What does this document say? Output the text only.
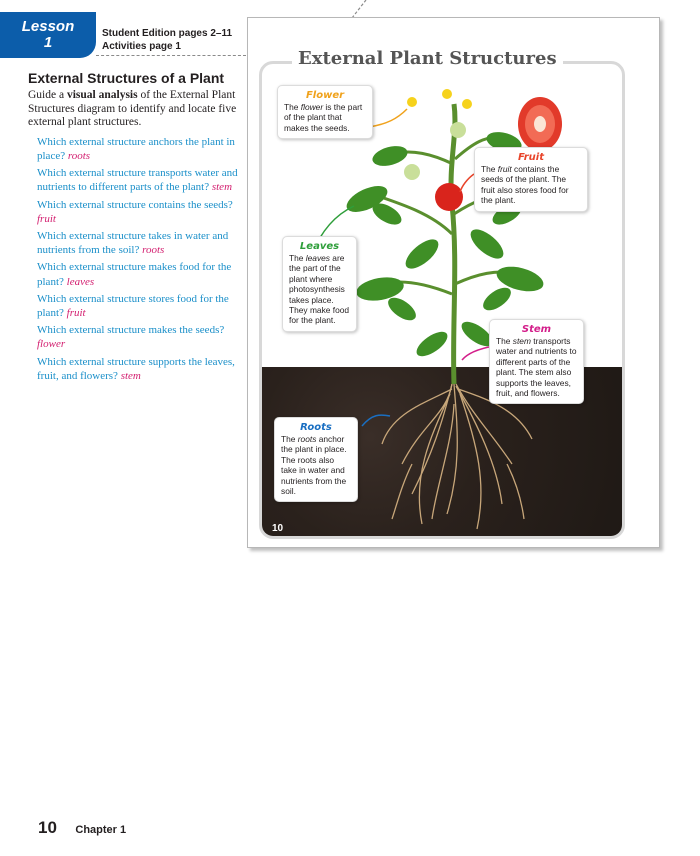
Lesson
1
Student Edition pages 2–11
Activities page 1
External Structures of a Plant

Guide a visual analysis of the External Plant Structures diagram to identify and locate five external plant structures.

Which external structure anchors the plant in place? roots
Which external structure transports water and nutrients to different parts of the plant? stem
Which external structure contains the seeds? fruit
Which external structure takes in water and nutrients from the soil? roots
Which external structure makes food for the plant? leaves
Which external structure stores food for the plant? fruit
Which external structure makes the seeds? flower
Which external structure supports the leaves, fruit, and flowers? stem
External Plant Structures
Flower
The flower is the part of the plant that makes the seeds.
Fruit
The fruit contains the seeds of the plant. The fruit also stores food for the plant.
Leaves
The leaves are the part of the plant where photosynthesis takes place. They make food for the plant.
Stem
The stem transports water and nutrients to different parts of the plant. The stem also supports the leaves, fruit, and flowers.
Roots
The roots anchor the plant in place. The roots also take in water and nutrients from the soil.
10
10 Chapter 1
